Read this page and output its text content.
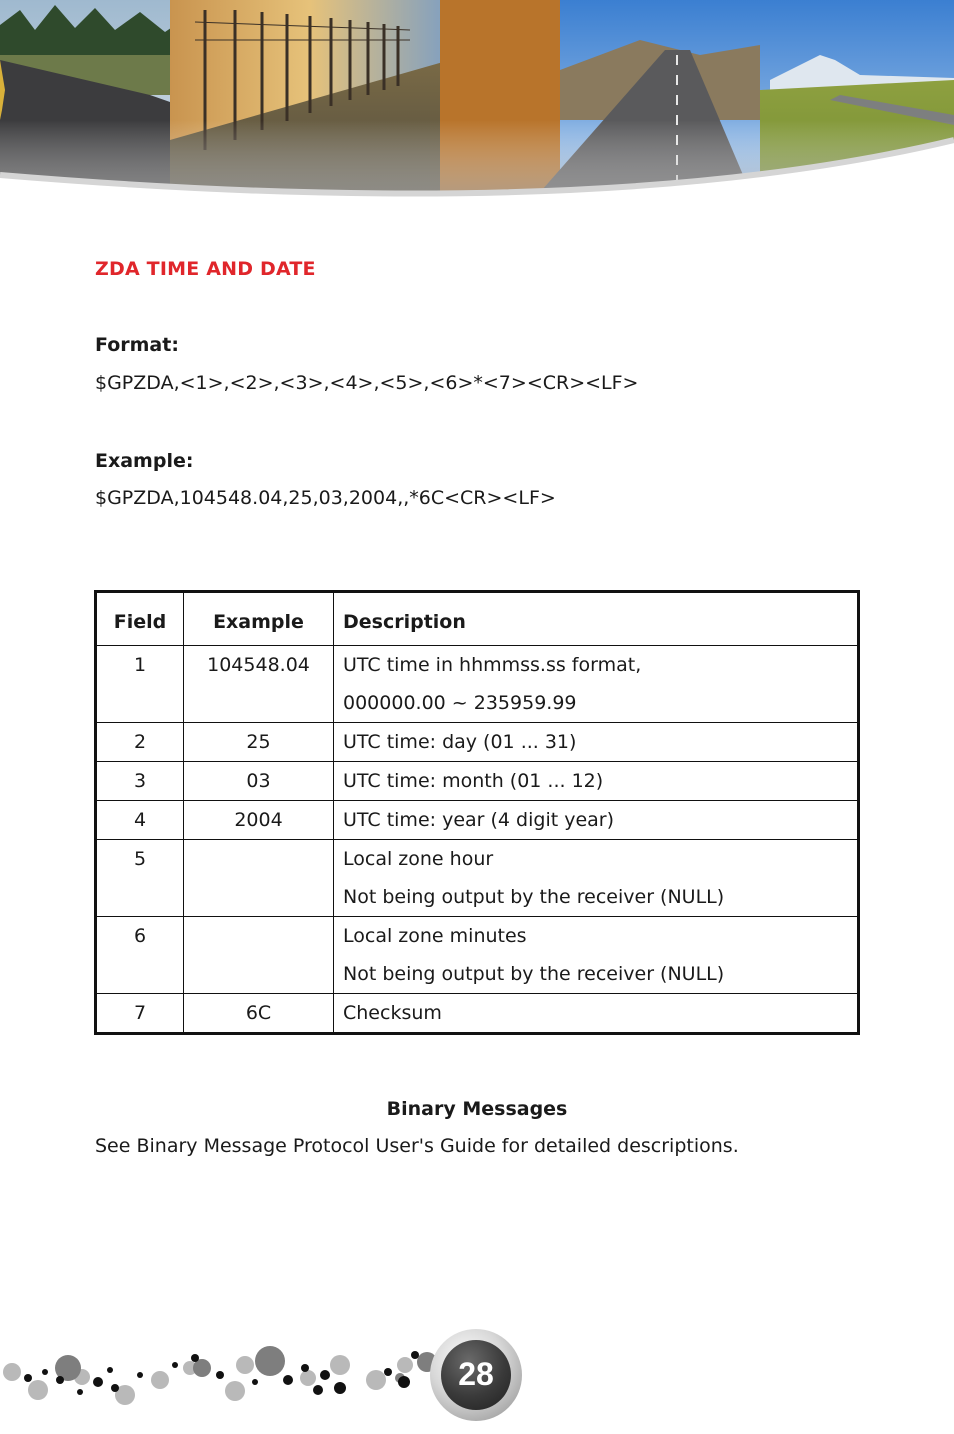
ZDA TIME AND DATE
Format:
$GPZDA,<1>,<2>,<3>,<4>,<5>,<6>*<7><CR><LF>
Example:
$GPZDA,104548.04,25,03,2004,,*6C<CR><LF>
Field	Example	Description
1	104548.04	UTC time in hhmmss.ss format,
000000.00 ~ 235959.99

2	25	UTC time: day (01 ... 31)

3	03	UTC time: month (01 ... 12)

4	2004	UTC time: year (4 digit year)

5		Local zone hour
Not being output by the receiver (NULL)

6		Local zone minutes
Not being output by the receiver (NULL)

7	6C	Checksum
Binary Messages
See Binary Message Protocol User's Guide for detailed descriptions.
28
